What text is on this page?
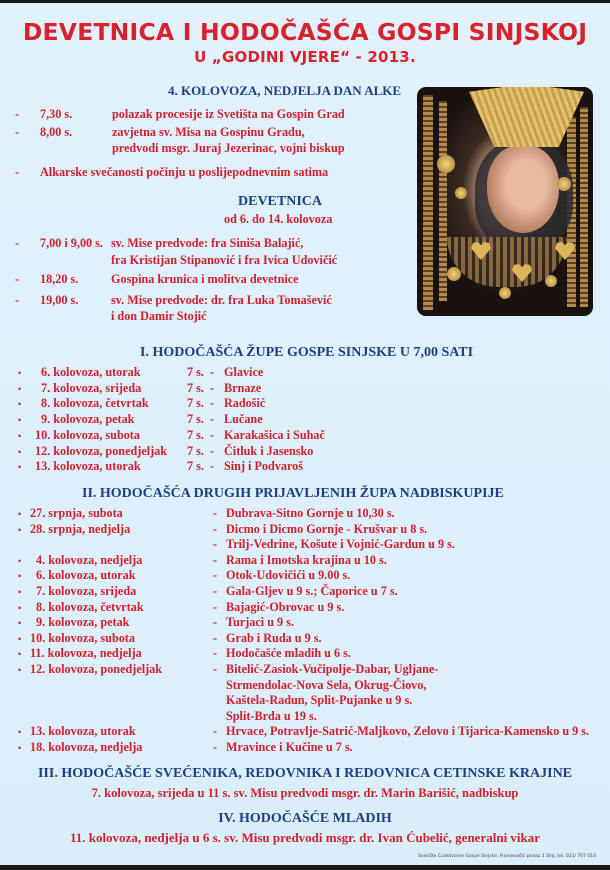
DEVETNICA I HODOČAŠĆA GOSPI SINJSKOJ
U „GODINI VJERE“ - 2013.
4. KOLOVOZA, NEDJELJA DAN ALKE
- 7,30 s.	polazak procesije iz Svetišta na Gospin Grad
- 8,00 s.	zavjetna sv. Misa na Gospinu Gradu,
predvodi msgr. Juraj Jezerinac, vojni biskup
- Alkarske svečanosti počinju u poslijepodnevnim satima
DEVETNICA
od 6. do 14. kolovoza
- 7,00 i 9,00 s. sv. Mise predvode: fra Siniša Balajić,
fra Kristijan Stipanović i fra Ivica Udovičić
- 18,20 s.	Gospina krunica i molitva devetnice
- 19,00 s.	sv. Mise predvode: dr. fra Luka Tomašević
i don Damir Stojić
I. HODOČAŠĆA ŽUPE GOSPE SINJSKE U 7,00 SATI
II. HODOČAŠĆA DRUGIH PRIJAVLJENIH ŽUPA NADBISKUPIJE
III. HODOČAŠĆE SVEĆENIKA, REDOVNIKA I REDOVNICA CETINSKE KRAJINE
7. kolovoza, srijeda u 11 s. sv. Misu predvodi msgr. dr. Marin Barišić, nadbiskup
IV. HODOČAŠĆE MLADIH
11. kolovoza, nedjelja u 6 s. sv. Misu predvodi msgr. dr. Ivan Ćubelić, generalni vikar
Svetište Čudotvorne Gospe Sinjske, Franjevački prolaz 1 Sinj, tel. 021/ 707 010
• 6. kolovoza, utorak	7 s. - Glavice
• 7. kolovoza, srijeda	7 s. - Brnaze
• 8. kolovoza, četvrtak	7 s. - Radošić
• 9. kolovoza, petak	7 s. - Lučane
• 10. kolovoza, subota	7 s. - Karakašica i Suhač
• 12. kolovoza, ponedjeljak 7 s. - Čitluk i Jasensko
• 13. kolovoza, utorak	7 s. - Sinj i Podvaroš
• 27. srpnja, subota	- Dubrava-Sitno Gornje u 10,30 s.
• 28. srpnja, nedjelja	- Dicmo i Dicmo Gornje - Krušvar u 8 s.
- Trilj-Vedrine, Košute i Vojnić-Gardun u 9 s.
• 4. kolovoza, nedjelja	- Rama i Imotska krajina u 10 s.
• 6. kolovoza, utorak	- Otok-Udovičići u 9.00 s.
• 7. kolovoza, srijeda	- Gala-Gljev u 9 s.; Čaporice u 7 s.
• 8. kolovoza, četvrtak	- Bajagić-Obrovac u 9 s.
• 9. kolovoza, petak	- Turjaci u 9 s.
• 10. kolovoza, subota	- Grab i Ruda u 9 s.
• 11. kolovoza, nedjelja	- Hodočašće mladih u 6 s.
• 12. kolovoza, ponedjeljak	- Bitelić-Zasiok-Vučipolje-Dabar, Ugljane-
Strmendolac-Nova Sela, Okrug-Čiovo,
Kaštela-Radun, Split-Pujanke u 9 s.
Split-Brda u 19 s.
• 13. kolovoza, utorak	- Hrvace, Potravlje-Satrić-Maljkovo, Zelovo i Tijarica-Kamensko u 9 s.
• 18. kolovoza, nedjelja	- Mravince i Kučine u 7 s.
